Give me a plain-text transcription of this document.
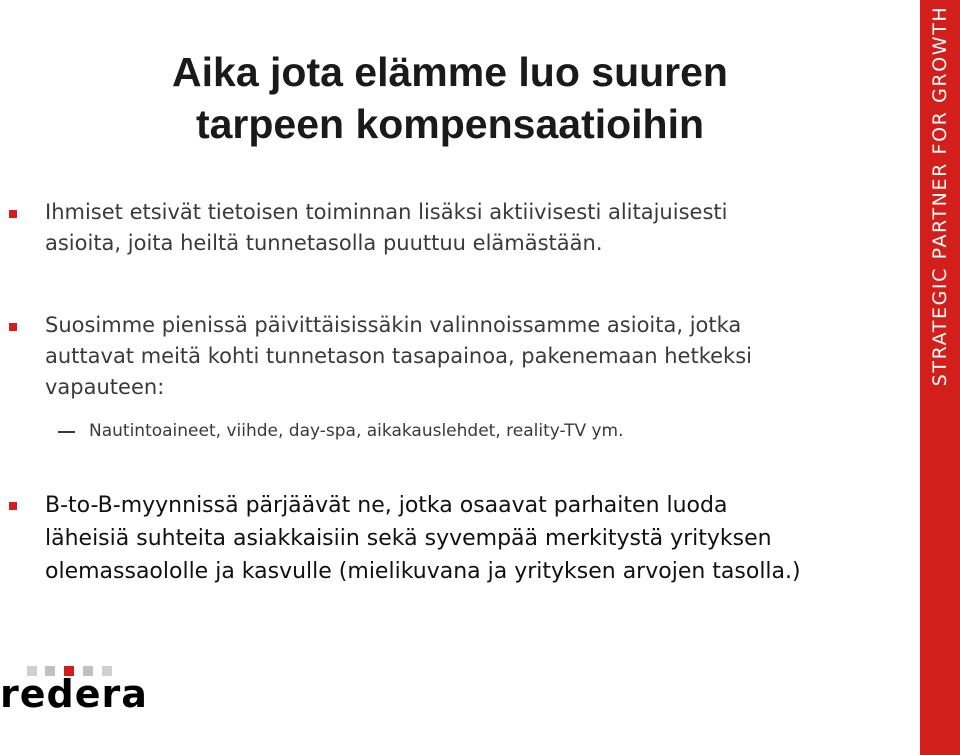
STRATEGIC PARTNER FOR GROWTH
Aika jota elämme luo suuren
tarpeen kompensaatioihin
Ihmiset etsivät tietoisen toiminnan lisäksi aktiivisesti alitajuisesti
asioita, joita heiltä tunnetasolla puuttuu elämästään.
Suosimme pienissä päivittäisissäkin valinnoissamme asioita, jotka
auttavat meitä kohti tunnetason tasapainoa, pakenemaan hetkeksi
vapauteen:
Nautintoaineet, viihde, day-spa, aikakauslehdet, reality-TV ym.
B-to-B-myynnissä pärjäävät ne, jotka osaavat parhaiten luoda
läheisiä suhteita asiakkaisiin sekä syvempää merkitystä yrityksen
olemassaololle ja kasvulle (mielikuvana ja yrityksen arvojen tasolla.)
redera
